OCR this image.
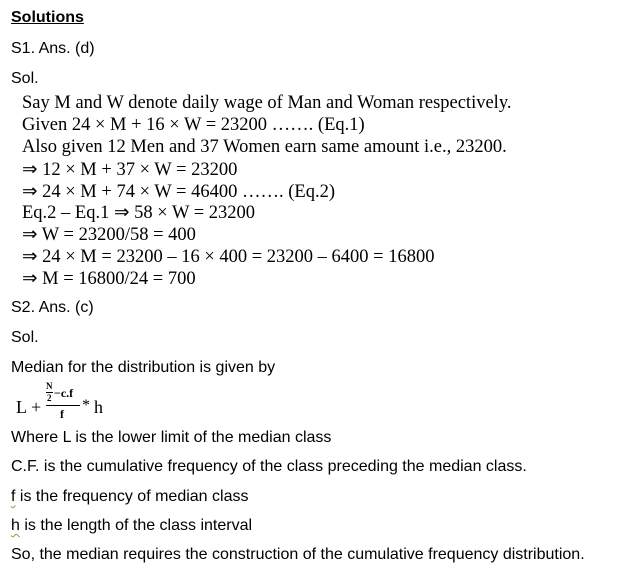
Solutions
S1. Ans. (d)
Sol.
Say M and W denote daily wage of Man and Woman respectively.
Given 24 × M + 16 × W = 23200 ……. (Eq.1)
Also given 12 Men and 37 Women earn same amount i.e., 23200.
⇒ 12 × M + 37 × W = 23200
⇒ 24 × M + 74 × W = 46400 ……. (Eq.2)
Eq.2 – Eq.1 ⇒ 58 × W = 23200
⇒ W = 23200/58 = 400
⇒ 24 × M = 23200 – 16 × 400 = 23200 – 6400 = 16800
⇒ M = 16800/24 = 700
S2. Ans. (c)
Sol.
Median for the distribution is given by
L +
N
2 −c.f
f * h
Where L is the lower limit of the median class
C.F. is the cumulative frequency of the class preceding the median class.
f is the frequency of median class
h is the length of the class interval
So, the median requires the construction of the cumulative frequency distribution.
